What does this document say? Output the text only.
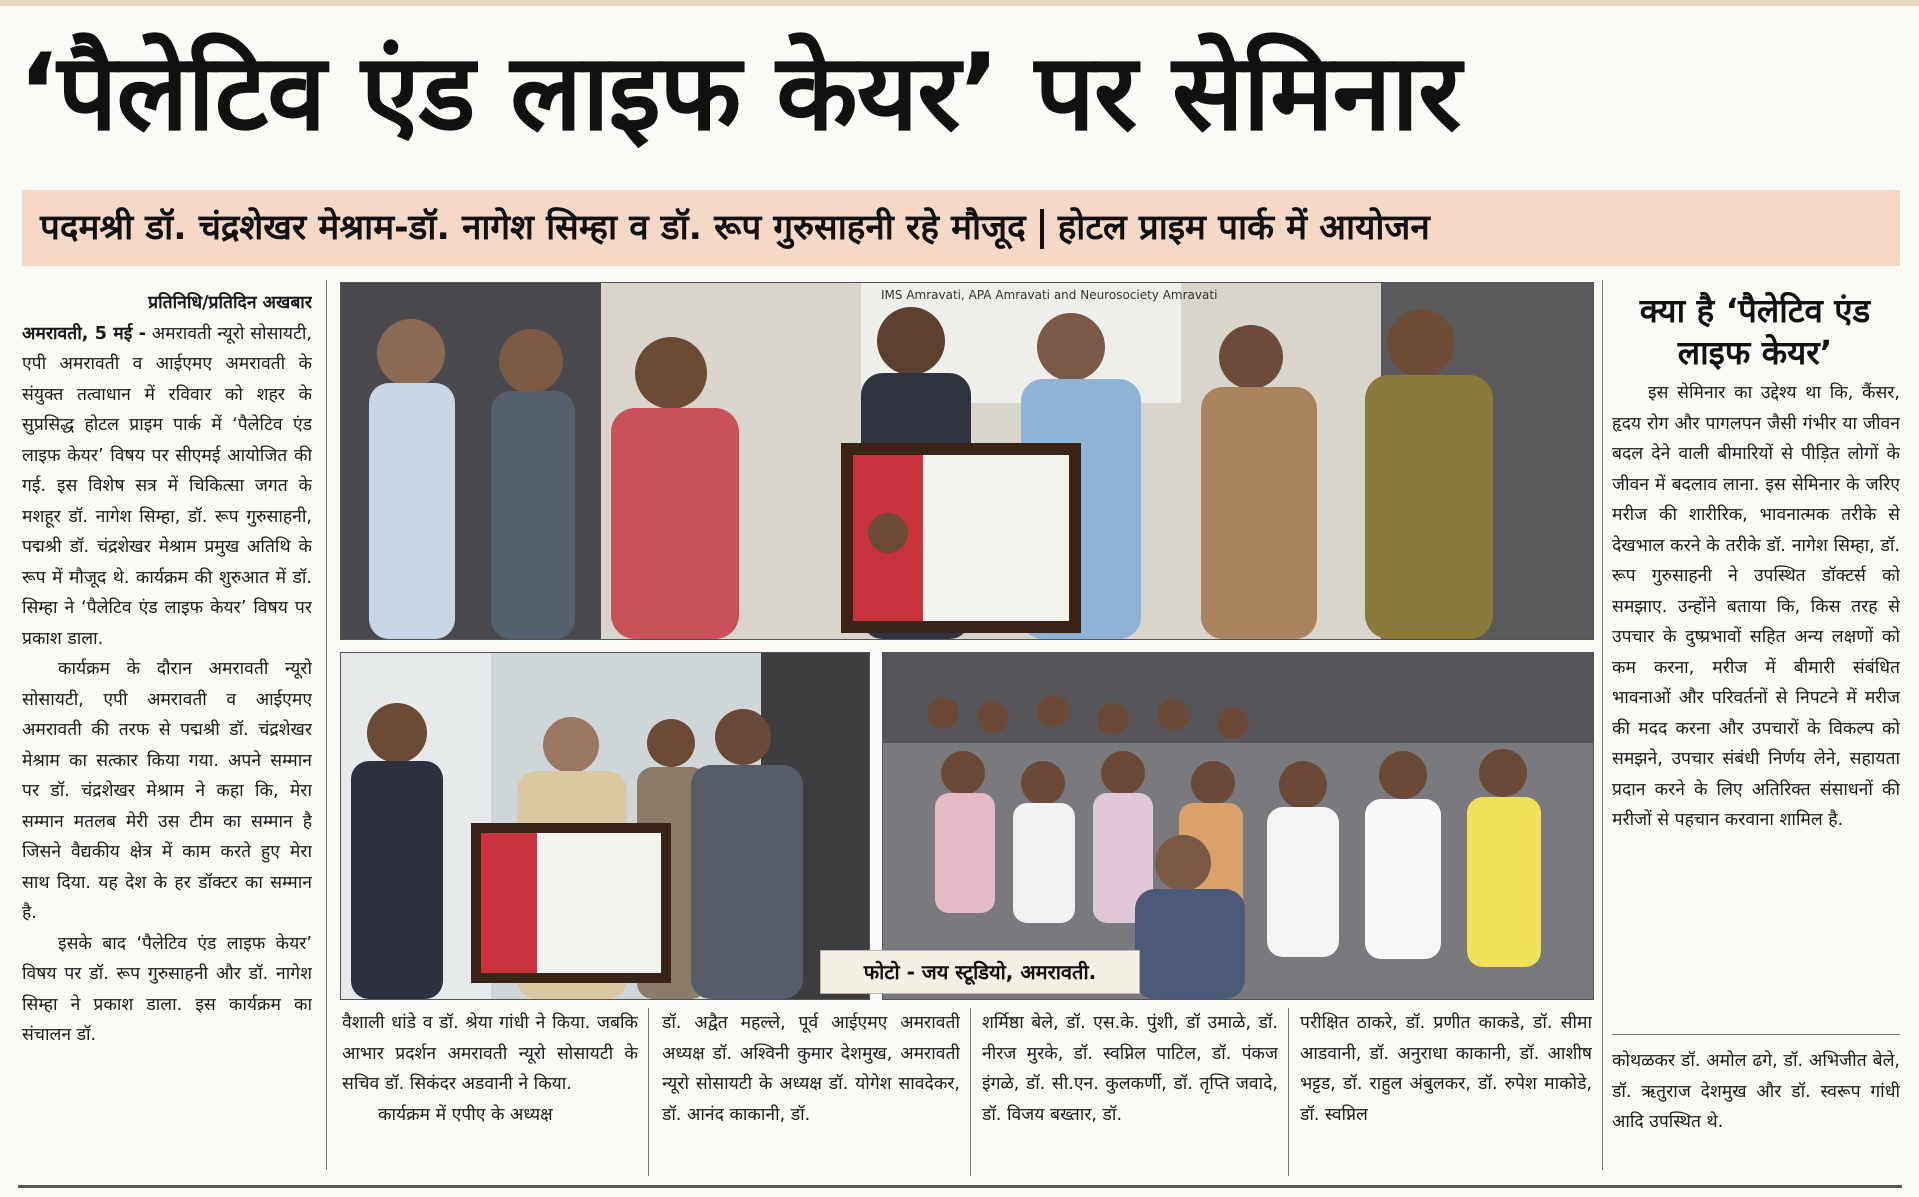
‘पैलेटिव एंड लाइफ केयर’ पर सेमिनार
पदमश्री डॉ. चंद्रशेखर मेश्राम-डॉ. नागेश सिम्हा व डॉ. रूप गुरुसाहनी रहे मौजूद होटल प्राइम पार्क में आयोजन
प्रतिनिधि/प्रतिदिन अखबार

अमरावती, 5 मई - अमरावती न्यूरो सोसायटी, एपी अमरावती व आईएमए अमरावती के संयुक्त तत्वाधान में रविवार को शहर के सुप्रसिद्ध होटल प्राइम पार्क में ‘पैलेटिव एंड लाइफ केयर’ विषय पर सीएमई आयोजित की गई. इस विशेष सत्र में चिकित्सा जगत के मशहूर डॉ. नागेश सिम्हा, डॉ. रूप गुरुसाहनी, पद्मश्री डॉ. चंद्रशेखर मेश्राम प्रमुख अतिथि के रूप में मौजूद थे. कार्यक्रम की शुरुआत में डॉ. सिम्हा ने ‘पैलेटिव एंड लाइफ केयर’ विषय पर प्रकाश डाला.

कार्यक्रम के दौरान अमरावती न्यूरो सोसायटी, एपी अमरावती व आईएमए अमरावती की तरफ से पद्मश्री डॉ. चंद्रशेखर मेश्राम का सत्कार किया गया. अपने सम्मान पर डॉ. चंद्रशेखर मेश्राम ने कहा कि, मेरा सम्मान मतलब मेरी उस टीम का सम्मान है जिसने वैद्यकीय क्षेत्र में काम करते हुए मेरा साथ दिया. यह देश के हर डॉक्टर का सम्मान है.

इसके बाद ‘पैलेटिव एंड लाइफ केयर’ विषय पर डॉ. रूप गुरुसाहनी और डॉ. नागेश सिम्हा ने प्रकाश डाला. इस कार्यक्रम का संचालन डॉ.

IMS Amravati, APA Amravati and Neurosociety Amravati
फोटो - जय स्टूडियो, अमरावती.

वैशाली धांडे व डॉ. श्रेया गांधी ने किया. जबकि आभार प्रदर्शन अमरावती न्यूरो सोसायटी के सचिव डॉ. सिकंदर अडवानी ने किया.

कार्यक्रम में एपीए के अध्यक्ष

डॉ. अद्वैत महल्ले, पूर्व आईएमए अमरावती अध्यक्ष डॉ. अश्विनी कुमार देशमुख, अमरावती न्यूरो सोसायटी के अध्यक्ष डॉ. योगेश सावदेकर, डॉ. आनंद काकानी, डॉ.

शर्मिष्ठा बेले, डॉ. एस.के. पुंशी, डॉ उमाळे, डॉ. नीरज मुरके, डॉ. स्वप्निल पाटिल, डॉ. पंकज इंगळे, डॉ. सी.एन. कुलकर्णी, डॉ. तृप्ति जवादे, डॉ. विजय बख्तार, डॉ.

परीक्षित ठाकरे, डॉ. प्रणीत काकडे, डॉ. सीमा आडवानी, डॉ. अनुराधा काकानी, डॉ. आशीष भट्टड, डॉ. राहुल अंबुलकर, डॉ. रुपेश माकोडे, डॉ. स्वप्निल

क्या है ‘पैलेटिव एंड लाइफ केयर’

इस सेमिनार का उद्देश्य था कि, कैंसर, हृदय रोग और पागलपन जैसी गंभीर या जीवन बदल देने वाली बीमारियों से पीड़ित लोगों के जीवन में बदलाव लाना. इस सेमिनार के जरिए मरीज की शारीरिक, भावनात्मक तरीके से देखभाल करने के तरीके डॉ. नागेश सिम्हा, डॉ. रूप गुरुसाहनी ने उपस्थित डॉक्टर्स को समझाए. उन्होंने बताया कि, किस तरह से उपचार के दुष्प्रभावों सहित अन्य लक्षणों को कम करना, मरीज में बीमारी संबंधित भावनाओं और परिवर्तनों से निपटने में मरीज की मदद करना और उपचारों के विकल्प को समझने, उपचार संबंधी निर्णय लेने, सहायता प्रदान करने के लिए अतिरिक्त संसाधनों की मरीजों से पहचान करवाना शामिल है.

कोथळकर डॉ. अमोल ढगे, डॉ. अभिजीत बेले, डॉ. ऋतुराज देशमुख और डॉ. स्वरूप गांधी आदि उपस्थित थे.
